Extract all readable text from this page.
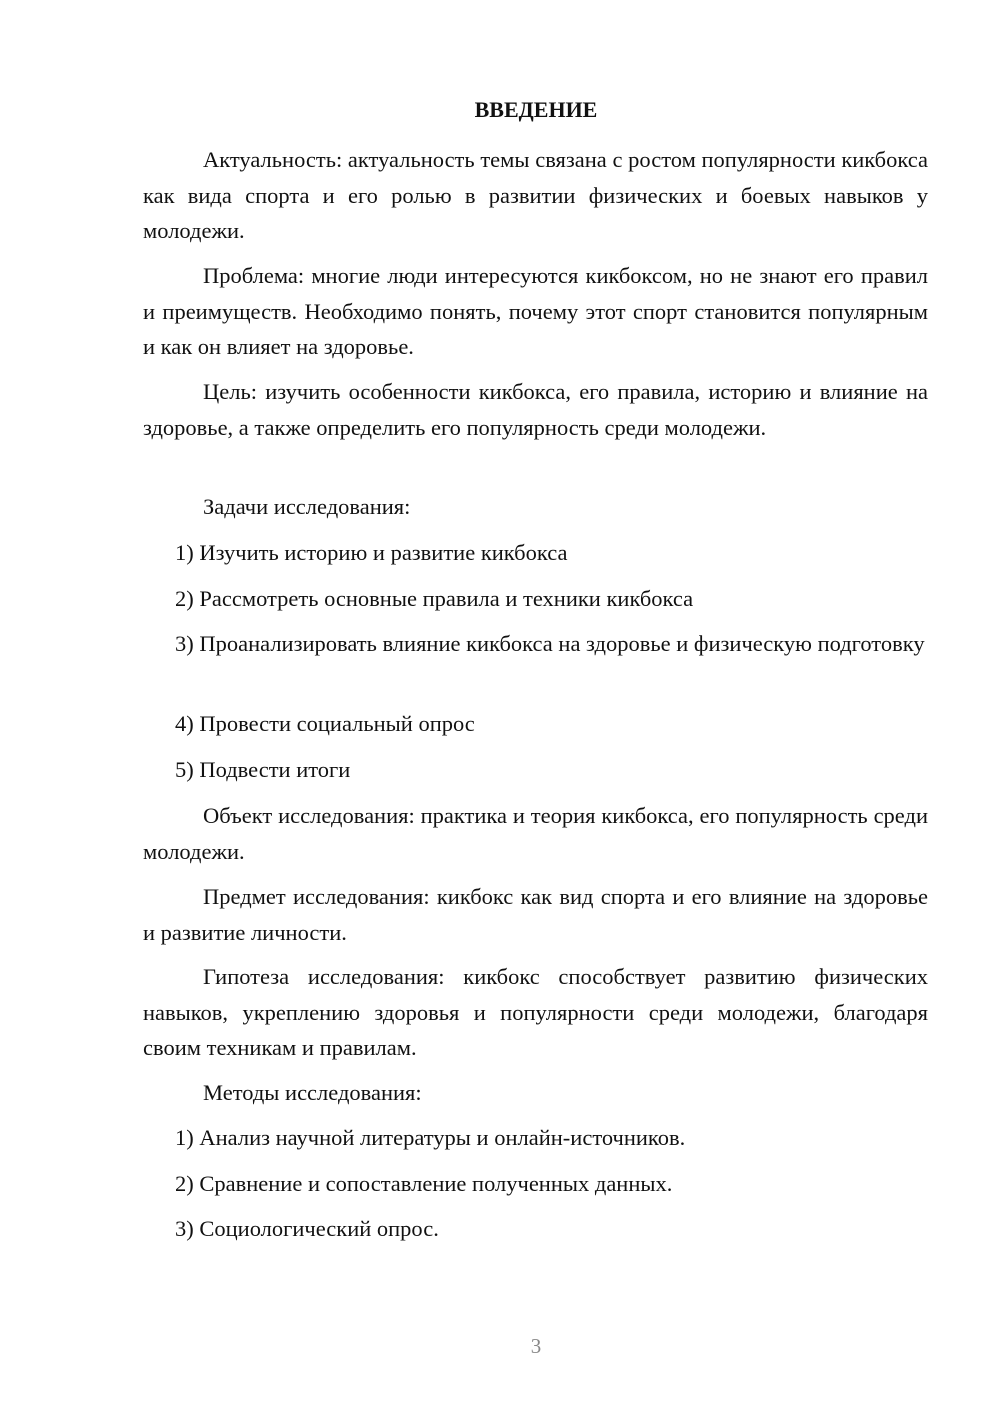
ВВЕДЕНИЕ
Актуальность: актуальность темы связана с ростом популярности кикбокса как вида спорта и его ролью в развитии физических и боевых навыков у молодежи.
Проблема: многие люди интересуются кикбоксом, но не знают его правил и преимуществ. Необходимо понять, почему этот спорт становится популярным и как он влияет на здоровье.
Цель: изучить особенности кикбокса, его правила, историю и влияние на здоровье, а также определить его популярность среди молодежи.
Задачи исследования:
1) Изучить историю и развитие кикбокса
2) Рассмотреть основные правила и техники кикбокса
3) Проанализировать влияние кикбокса на здоровье и физическую подготовку
4) Провести социальный опрос
5) Подвести итоги
Объект исследования: практика и теория кикбокса, его популярность среди молодежи.
Предмет исследования: кикбокс как вид спорта и его влияние на здоровье и развитие личности.
Гипотеза исследования: кикбокс способствует развитию физических навыков, укреплению здоровья и популярности среди молодежи, благодаря своим техникам и правилам.
Методы исследования:
1) Анализ научной литературы и онлайн-источников.
2) Сравнение и сопоставление полученных данных.
3) Социологический опрос.
3
